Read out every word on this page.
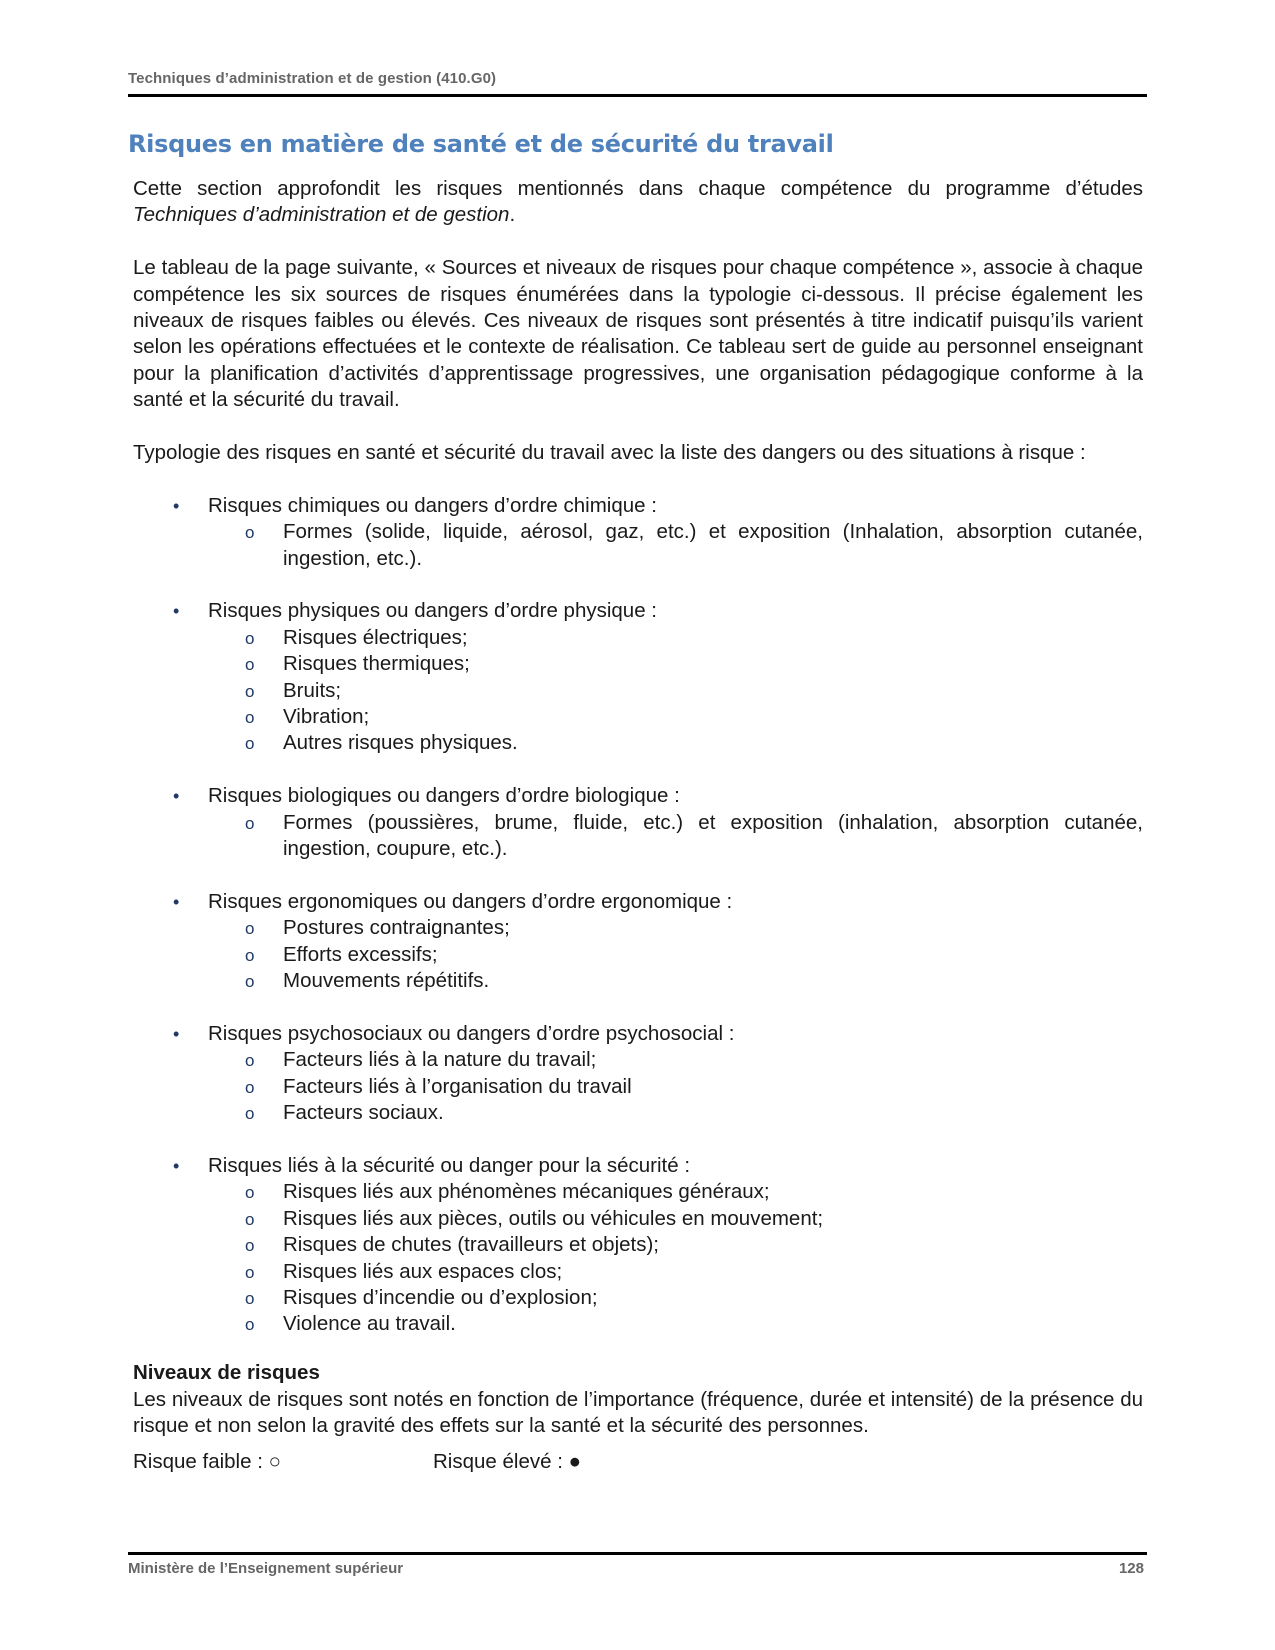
Techniques d’administration et de gestion (410.G0)
Risques en matière de santé et de sécurité du travail

Cette section approfondit les risques mentionnés dans chaque compétence du programme d’études Techniques d’administration et de gestion.

Le tableau de la page suivante, « Sources et niveaux de risques pour chaque compétence », associe à chaque compétence les six sources de risques énumérées dans la typologie ci-dessous. Il précise également les niveaux de risques faibles ou élevés. Ces niveaux de risques sont présentés à titre indicatif puisqu’ils varient selon les opérations effectuées et le contexte de réalisation. Ce tableau sert de guide au personnel enseignant pour la planification d’activités d’apprentissage progressives, une organisation pédagogique conforme à la santé et la sécurité du travail.

Typologie des risques en santé et sécurité du travail avec la liste des dangers ou des situations à risque :

• Risques chimiques ou dangers d’ordre chimique :
o Formes (solide, liquide, aérosol, gaz, etc.) et exposition (Inhalation, absorption cutanée, ingestion, etc.).
• Risques physiques ou dangers d’ordre physique :
o Risques électriques;
o Risques thermiques;
o Bruits;
o Vibration;
o Autres risques physiques.
• Risques biologiques ou dangers d’ordre biologique :
o Formes (poussières, brume, fluide, etc.) et exposition (inhalation, absorption cutanée, ingestion, coupure, etc.).
• Risques ergonomiques ou dangers d’ordre ergonomique :
o Postures contraignantes;
o Efforts excessifs;
o Mouvements répétitifs.
• Risques psychosociaux ou dangers d’ordre psychosocial :
o Facteurs liés à la nature du travail;
o Facteurs liés à l’organisation du travail
o Facteurs sociaux.
• Risques liés à la sécurité ou danger pour la sécurité :
o Risques liés aux phénomènes mécaniques généraux;
o Risques liés aux pièces, outils ou véhicules en mouvement;
o Risques de chutes (travailleurs et objets);
o Risques liés aux espaces clos;
o Risques d’incendie ou d’explosion;
o Violence au travail.
Niveaux de risques

Les niveaux de risques sont notés en fonction de l’importance (fréquence, durée et intensité) de la présence du risque et non selon la gravité des effets sur la santé et la sécurité des personnes.

Risque faible : ○	Risque élevé : ●
Ministère de l’Enseignement supérieur	128
